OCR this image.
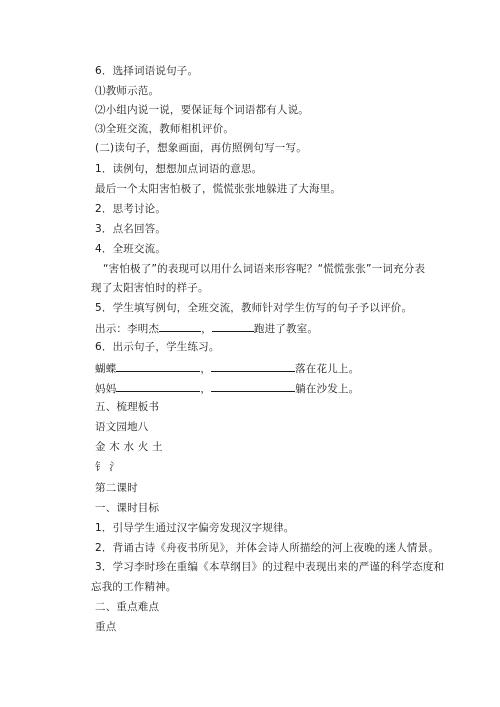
6．选择词语说句子。
⑴教师示范。
⑵小组内说一说，要保证每个词语都有人说。
⑶全班交流，教师相机评价。
(二)读句子，想象画面，再仿照例句写一写。
1．读例句，想想加点词语的意思。
最后一个太阳害怕极了，慌慌张张地躲进了大海里。
2．思考讨论。
3．点名回答。
4．全班交流。
“害怕极了”的表现可以用什么词语来形容呢？“慌慌张张”一词充分表
现了太阳害怕时的样子。
5．学生填写例句，全班交流，教师针对学生仿写的句子予以评价。
出示：李明杰	，	跑进了教室。
6．出示句子，学生练习。
蝴蝶	，	落在花儿上。
妈妈	，	躺在沙发上。
五、梳理板书
语文园地八
金 木 水 火 土
钅 氵
第二课时
一、课时目标
1．引导学生通过汉字偏旁发现汉字规律。
2．背诵古诗《舟夜书所见》，并体会诗人所描绘的河上夜晚的迷人情景。
3．学习李时珍在重编《本草纲目》的过程中表现出来的严谨的科学态度和
忘我的工作精神。
二、重点难点
重点
